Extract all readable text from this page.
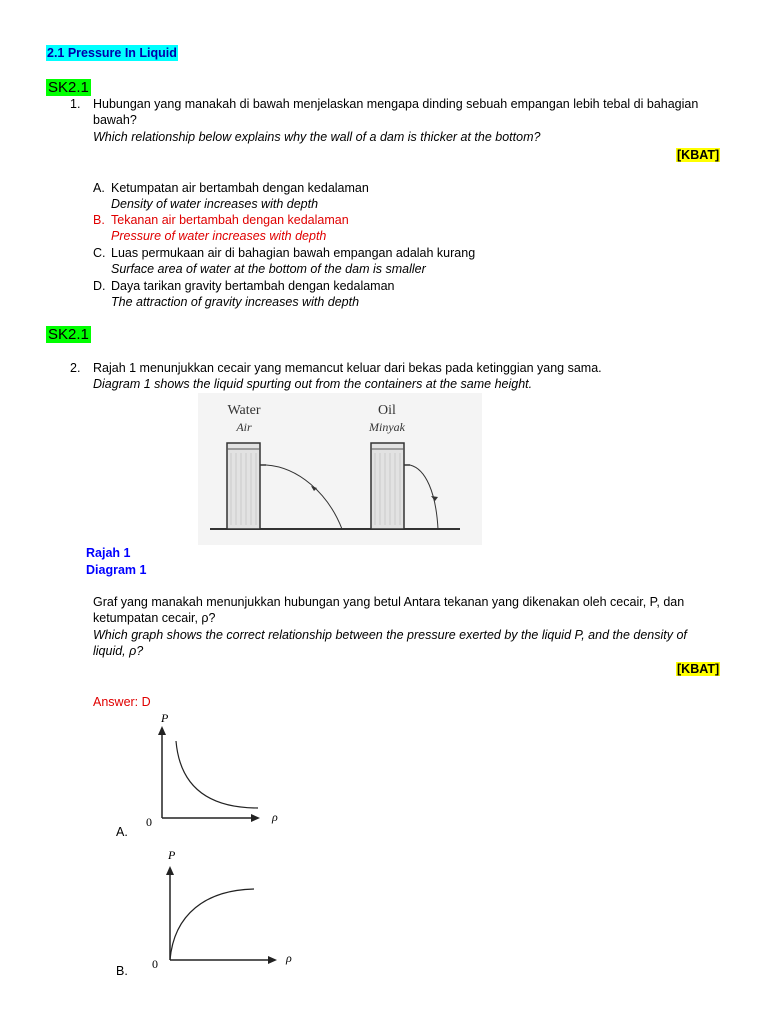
2.1 Pressure In Liquid
SK2.1
1. Hubungan yang manakah di bawah menjelaskan mengapa dinding sebuah empangan lebih tebal di bahagian
bawah?
Which relationship below explains why the wall of a dam is thicker at the bottom?
[KBAT]
A. Ketumpatan air bertambah dengan kedalaman
Density of water increases with depth
B. Tekanan air bertambah dengan kedalaman
Pressure of water increases with depth
C. Luas permukaan air di bahagian bawah empangan adalah kurang
Surface area of water at the bottom of the dam is smaller
D. Daya tarikan gravity bertambah dengan kedalaman
The attraction of gravity increases with depth
SK2.1
2. Rajah 1 menunjukkan cecair yang memancut keluar dari bekas pada ketinggian yang sama.
Diagram 1 shows the liquid spurting out from the containers at the same height.
Water
Air
Oil
Minyak
Rajah 1
Diagram 1
Graf yang manakah menunjukkan hubungan yang betul Antara tekanan yang dikenakan oleh cecair, P, dan
ketumpatan cecair, ρ?
Which graph shows the correct relationship between the pressure exerted by the liquid P, and the density of
liquid, ρ?
[KBAT]
Answer: D
P
0	ρ
A.
P
0	ρ
B.
